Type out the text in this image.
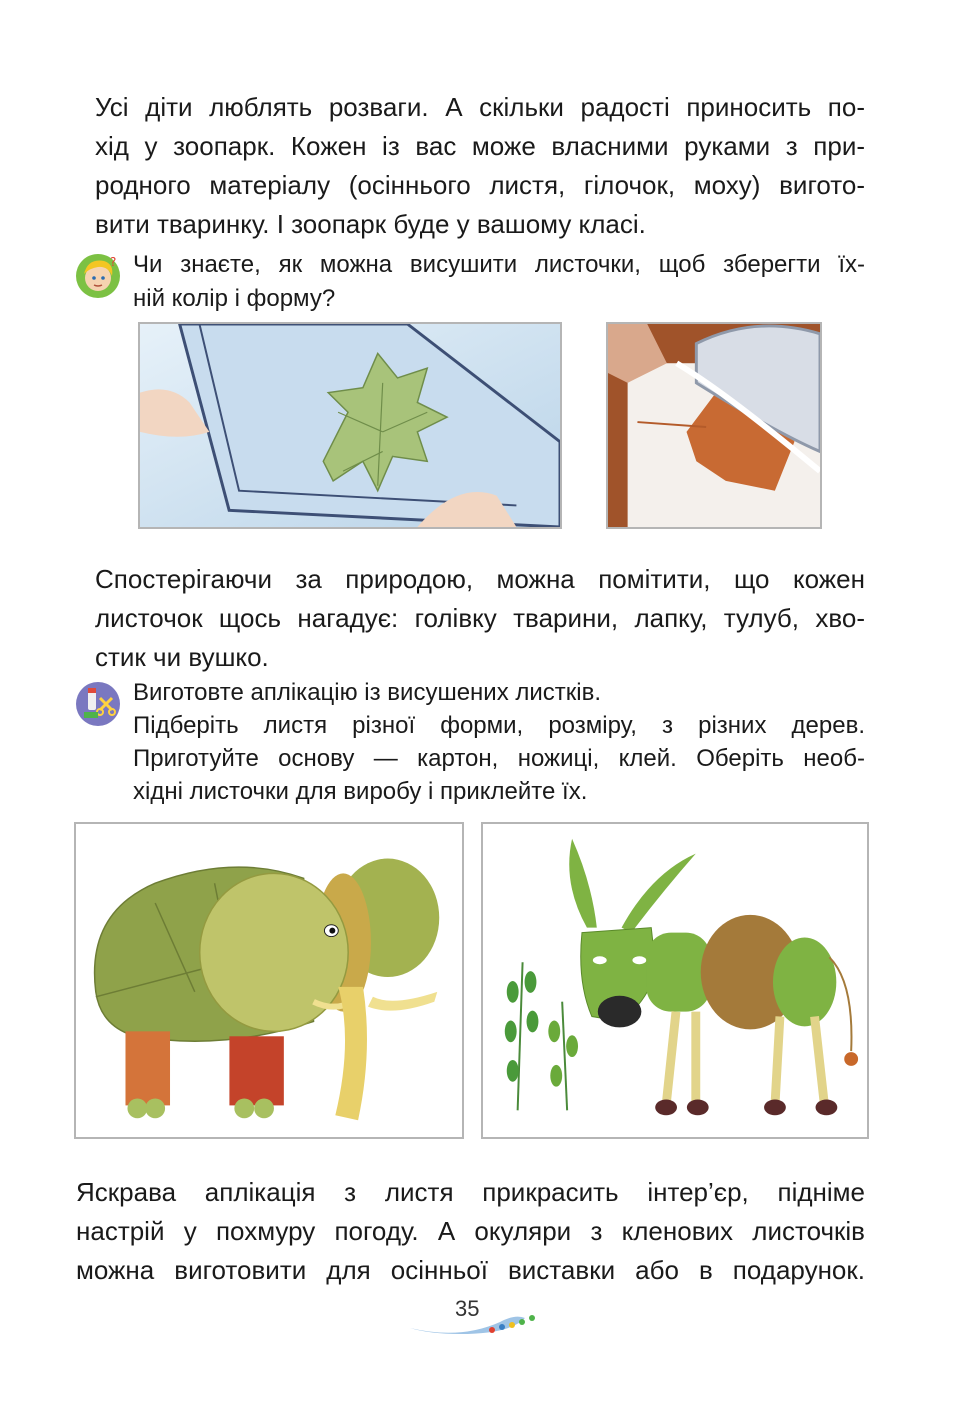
Усі діти люблять розваги. А скільки радості приносить по-
хід у зоопарк. Кожен із вас може власними руками з при-
родного матеріалу (осіннього листя, гілочок, моху) вигото-
вити тваринку. І зоопарк буде у вашому класі.
? Чи знаєте, як можна висушити листочки, щоб зберегти їх-
ній колір і форму?
Спостерігаючи за природою, можна помітити, що кожен
листочок щось нагадує: голівку тварини, лапку, тулуб, хво-
стик чи вушко.
Виготовте аплікацію із висушених листків.
Підберіть листя різної форми, розміру, з різних дерев.
Приготуйте основу — картон, ножиці, клей. Оберіть необ-
хідні листочки для виробу і приклейте їх.
Яскрава аплікація з листя прикрасить інтер’єр, підніме
настрій у похмуру погоду. А окуляри з кленових листочків
можна виготовити для осінньої виставки або в подарунок.
35
